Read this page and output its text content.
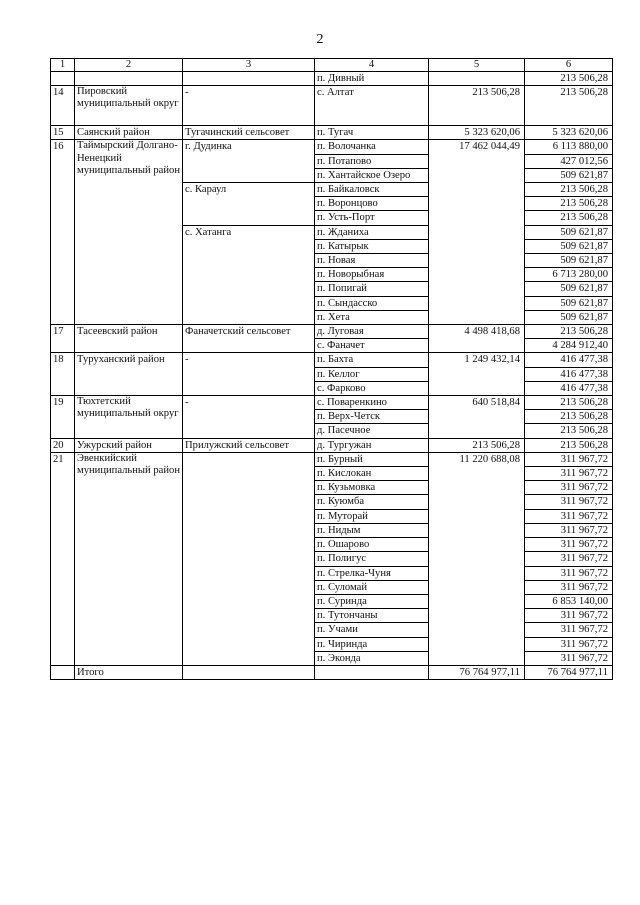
2
1	2	3	4	5	6
			п. Дивный		213 506,28
14	Пировский муниципальный округ	-	с. Алтат	213 506,28	213 506,28
15	Саянский район	Тугачинский сельсовет	п. Тугач	5 323 620,06	5 323 620,06
16	Таймырский Долгано-Ненецкий муниципальный район	г. Дудинка	п. Волочанка	17 462 044,49	6 113 880,00
			п. Потапово		427 012,56
			п. Хантайское Озеро		509 621,87
		с. Караул	п. Байкаловск		213 506,28
			п. Воронцово		213 506,28
			п. Усть-Порт		213 506,28
		с. Хатанга	п. Жданиха		509 621,87
			п. Катырык		509 621,87
			п. Новая		509 621,87
			п. Новорыбная		6 713 280,00
			п. Попигай		509 621,87
			п. Сындасско		509 621,87
			п. Хета		509 621,87
17	Тасеевский район	Фаначетский сельсовет	д. Луговая	4 498 418,68	213 506,28
			с. Фаначет		4 284 912,40
18	Туруханский район	-	п. Бахта	1 249 432,14	416 477,38
			п. Келлог		416 477,38
			с. Фарково		416 477,38
19	Тюхтетский муниципальный округ	-	с. Поваренкино	640 518,84	213 506,28
			п. Верх-Четск		213 506,28
			д. Пасечное		213 506,28
20	Ужурский район	Прилужский сельсовет	д. Тургужан	213 506,28	213 506,28
21	Эвенкийский муниципальный район		п. Бурный	11 220 688,08	311 967,72
			п. Кислокан		311 967,72
			п. Кузьмовка		311 967,72
			п. Куюмба		311 967,72
			п. Муторай		311 967,72
			п. Нидым		311 967,72
			п. Ошарово		311 967,72
			п. Полигус		311 967,72
			п. Стрелка-Чуня		311 967,72
			п. Суломай		311 967,72
			п. Суринда		6 853 140,00
			п. Тутончаны		311 967,72
			п. Учами		311 967,72
			п. Чиринда		311 967,72
			п. Эконда		311 967,72
	Итого			76 764 977,11	76 764 977,11
